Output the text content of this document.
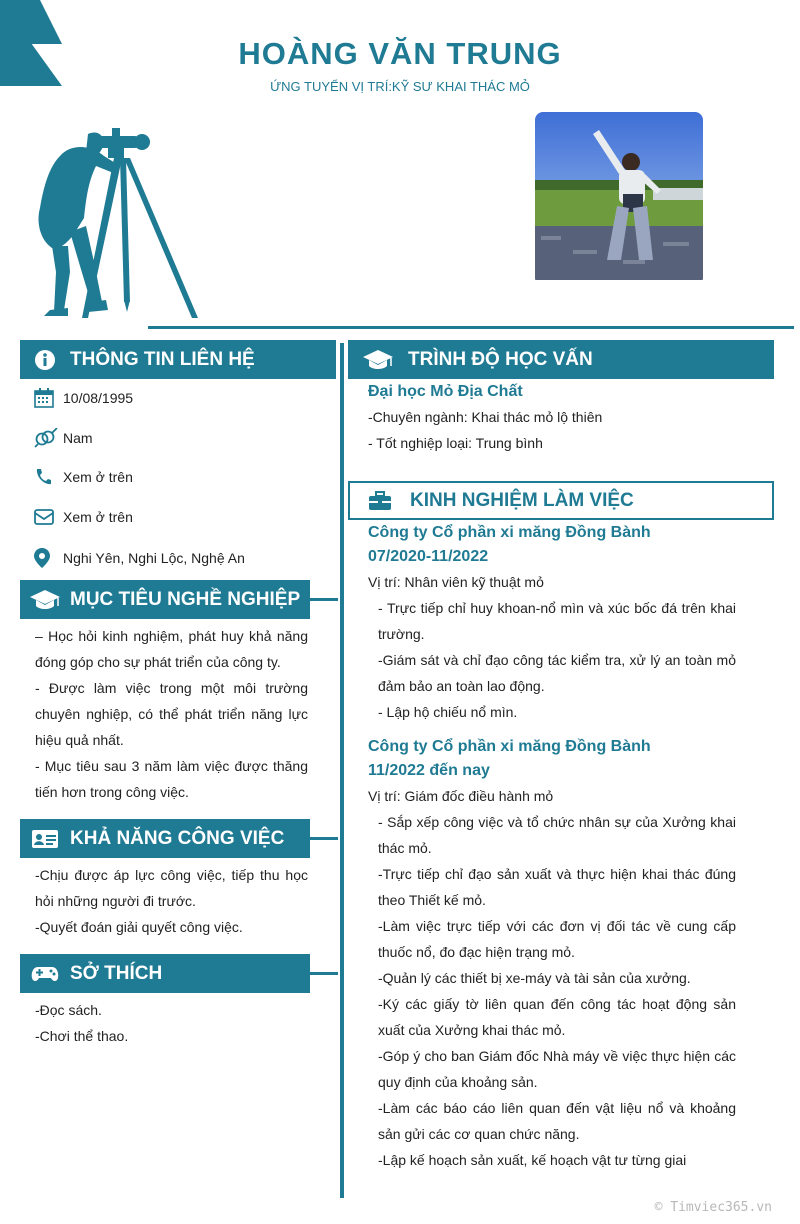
HOÀNG VĂN TRUNG
ỨNG TUYỂN VỊ TRÍ:KỸ SƯ KHAI THÁC MỎ
THÔNG TIN LIÊN HỆ
10/08/1995
Nam
Xem ở trên
Xem ở trên
Nghi Yên, Nghi Lộc, Nghệ An
MỤC TIÊU NGHỀ NGHIỆP
– Học hỏi kinh nghiệm, phát huy khả năng đóng góp cho sự phát triển của công ty.
- Được làm việc trong một môi trường chuyên nghiệp, có thể phát triển năng lực hiệu quả nhất.
- Mục tiêu sau 3 năm làm việc được thăng tiến hơn trong công việc.
KHẢ NĂNG CÔNG VIỆC
-Chịu được áp lực công việc, tiếp thu học hỏi những người đi trước.
-Quyết đoán giải quyết công việc.
SỞ THÍCH
-Đọc sách.
-Chơi thể thao.
TRÌNH ĐỘ HỌC VẤN
Đại học Mỏ Địa Chất
-Chuyên ngành: Khai thác mỏ lộ thiên
- Tốt nghiệp loại: Trung bình
KINH NGHIỆM LÀM VIỆC
Công ty Cổ phần xi măng Đồng Bành
07/2020-11/2022
Vị trí: Nhân viên kỹ thuật mỏ
- Trực tiếp chỉ huy khoan-nổ mìn và xúc bốc đá trên khai trường.
-Giám sát và chỉ đạo công tác kiểm tra, xử lý an toàn mỏ đảm bảo an toàn lao động.
- Lập hộ chiếu nổ mìn.
Công ty Cổ phần xi măng Đồng Bành
11/2022 đến nay
Vị trí: Giám đốc điều hành mỏ
- Sắp xếp công việc và tổ chức nhân sự của Xưởng khai thác mỏ.
-Trực tiếp chỉ đạo sản xuất và thực hiện khai thác đúng theo Thiết kế mỏ.
-Làm việc trực tiếp với các đơn vị đối tác về cung cấp thuốc nổ, đo đạc hiện trạng mỏ.
-Quản lý các thiết bị xe-máy và tài sản của xưởng.
-Ký các giấy tờ liên quan đến công tác hoạt động sản xuất của Xưởng khai thác mỏ.
-Góp ý cho ban Giám đốc Nhà máy về việc thực hiện các quy định của khoảng sản.
-Làm các báo cáo liên quan đến vật liệu nổ và khoảng sản gửi các cơ quan chức năng.
-Lập kế hoạch sản xuất, kế hoạch vật tư từng giai
© Timviec365.vn
